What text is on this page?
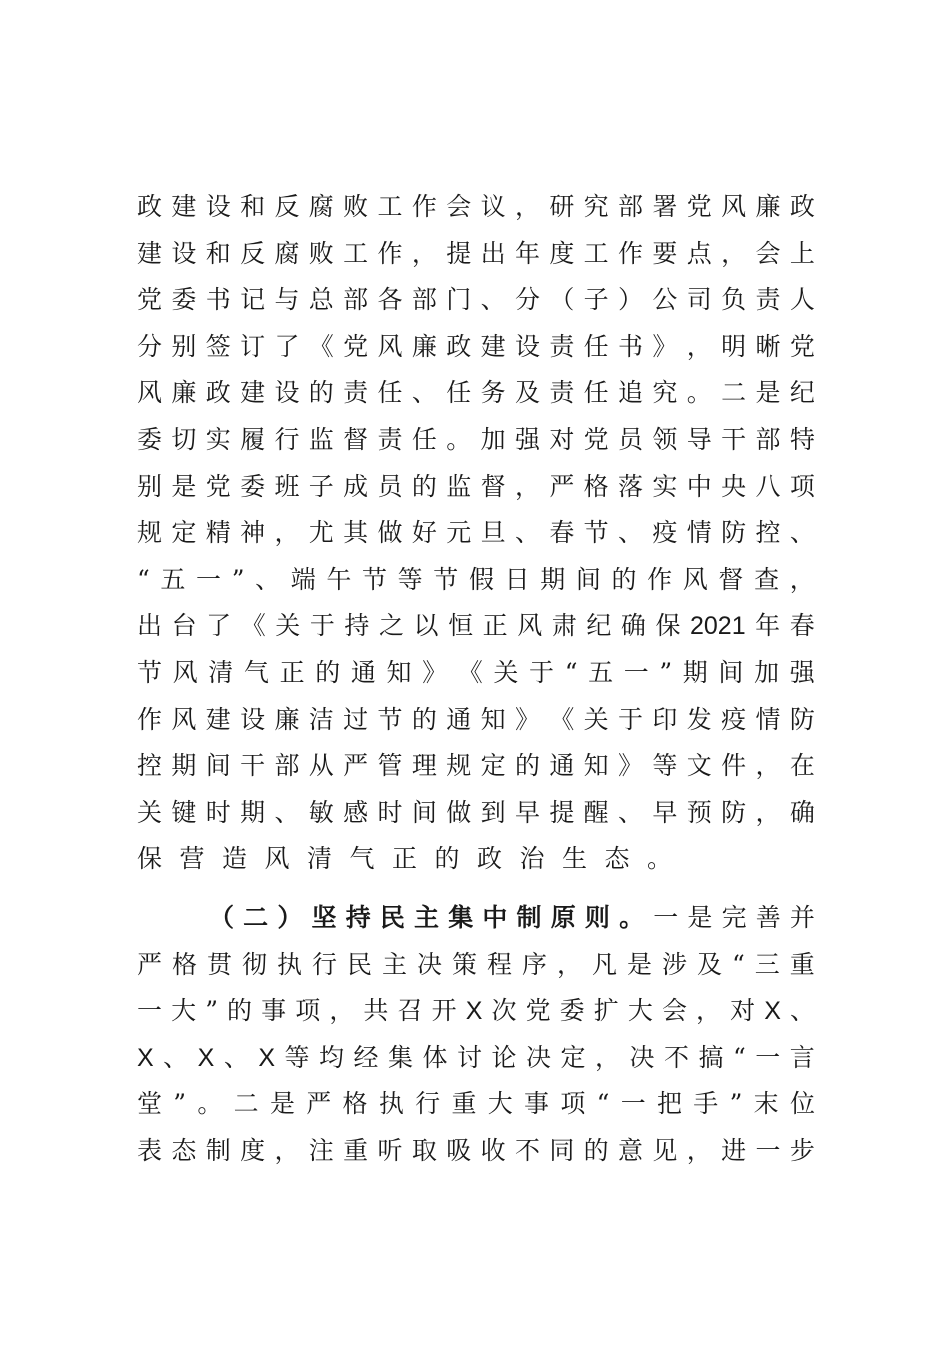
政 建 设 和 反 腐 败 工 作 会 议 ， 研 究 部 署 党 风 廉 政
建 设 和 反 腐 败 工 作 ， 提 出 年 度 工 作 要 点 ， 会 上
党 委 书 记 与 总 部 各 部 门 、 分 （ 子 ） 公 司 负 责 人
分 别 签 订 了 《 党 风 廉 政 建 设 责 任 书 》 ， 明 晰 党
风 廉 政 建 设 的 责 任 、 任 务 及 责 任 追 究 。 二 是 纪
委 切 实 履 行 监 督 责 任 。 加 强 对 党 员 领 导 干 部 特
别 是 党 委 班 子 成 员 的 监 督 ， 严 格 落 实 中 央 八 项
规 定 精 神 ， 尤 其 做 好 元 旦 、 春 节 、 疫 情 防 控 、
“ 五 一 ” 、 端 午 节 等 节 假 日 期 间 的 作 风 督 查 ，
出 台 了 《 关 于 持 之 以 恒 正 风 肃 纪 确 保 2021 年 春
节 风 清 气 正 的 通 知 》 《 关 于 “ 五 一 ” 期 间 加 强
作 风 建 设 廉 洁 过 节 的 通 知 》 《 关 于 印 发 疫 情 防
控 期 间 干 部 从 严 管 理 规 定 的 通 知 》 等 文 件 ， 在
关 键 时 期 、 敏 感 时 间 做 到 早 提 醒 、 早 预 防 ， 确
保营造风清气正的政治生态。
（ 二 ） 坚 持 民 主 集 中 制 原 则 。 一 是 完 善 并
严 格 贯 彻 执 行 民 主 决 策 程 序 ， 凡 是 涉 及 “ 三 重
一 大 ” 的 事 项 ， 共 召 开 X 次 党 委 扩 大 会 ， 对 X 、
X 、 X 、 X 等 均 经 集 体 讨 论 决 定 ， 决 不 搞 “ 一 言
堂 ” 。 二 是 严 格 执 行 重 大 事 项 “ 一 把 手 ” 末 位
表 态 制 度 ， 注 重 听 取 吸 收 不 同 的 意 见 ， 进 一 步
